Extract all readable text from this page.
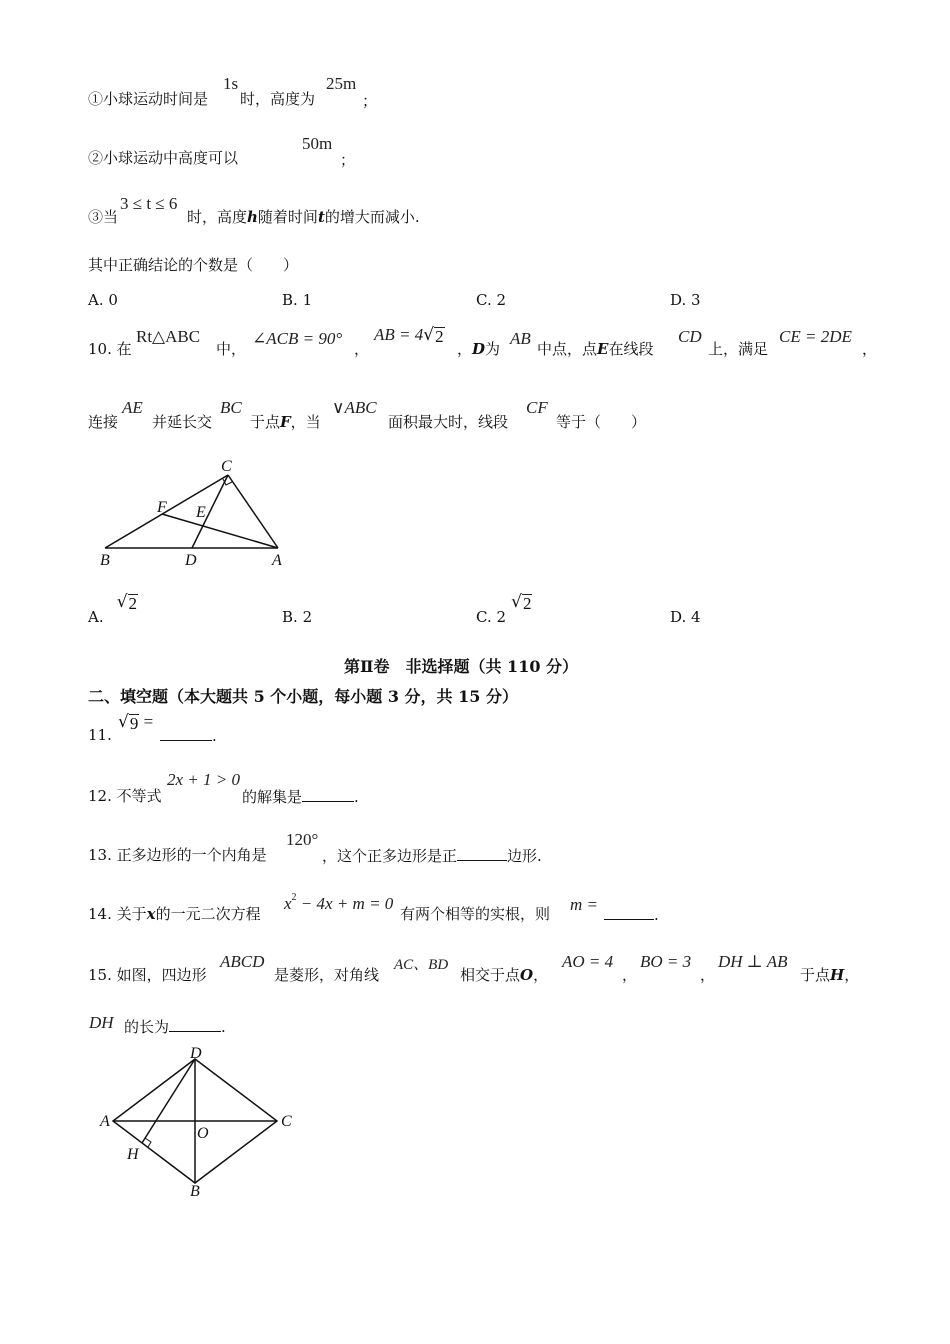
①小球运动时间是
1s
时，高度为
25m
；
②小球运动中高度可以
50m
；
③当
3 ≤ t ≤ 6
时，高度h随着时间t的增大而减小.
其中正确结论的个数是（　　）
A. 0	B. 1	C. 2	D. 3
10. 在
Rt△ABC
中，
∠ACB = 90°
，
AB = 4 √ 2
，D为
AB
中点，点E在线段
CD
上，满足
CE = 2DE
，
连接
AE
并延长交
BC
于点F，当
∨ABC
面积最大时，线段
CF
等于（　　）
C
F E
B	D	A
A.
√ 2
B. 2	C. 2
√ 2
D. 4
第Ⅱ卷　非选择题（共 110 分）
二、填空题（本大题共 5 个小题，每小题 3 分，共 15 分）
11.
√ 9 =
.
12. 不等式
2x + 1 > 0
的解集是	.
13. 正多边形的一个内角是
120°
，这个正多边形是正	边形.
14. 关于x的一元二次方程
$x^2 - 4x + m = 0$
有两个相等的实根，则 m =
.
15. 如图，四边形
ABCD
是菱形，对角线
AC、BD
相交于点O，
AO = 4
，
BO = 3
，
DH ⊥ AB
于点H，
DH 的长为	.
D
A
O
C
H
B
